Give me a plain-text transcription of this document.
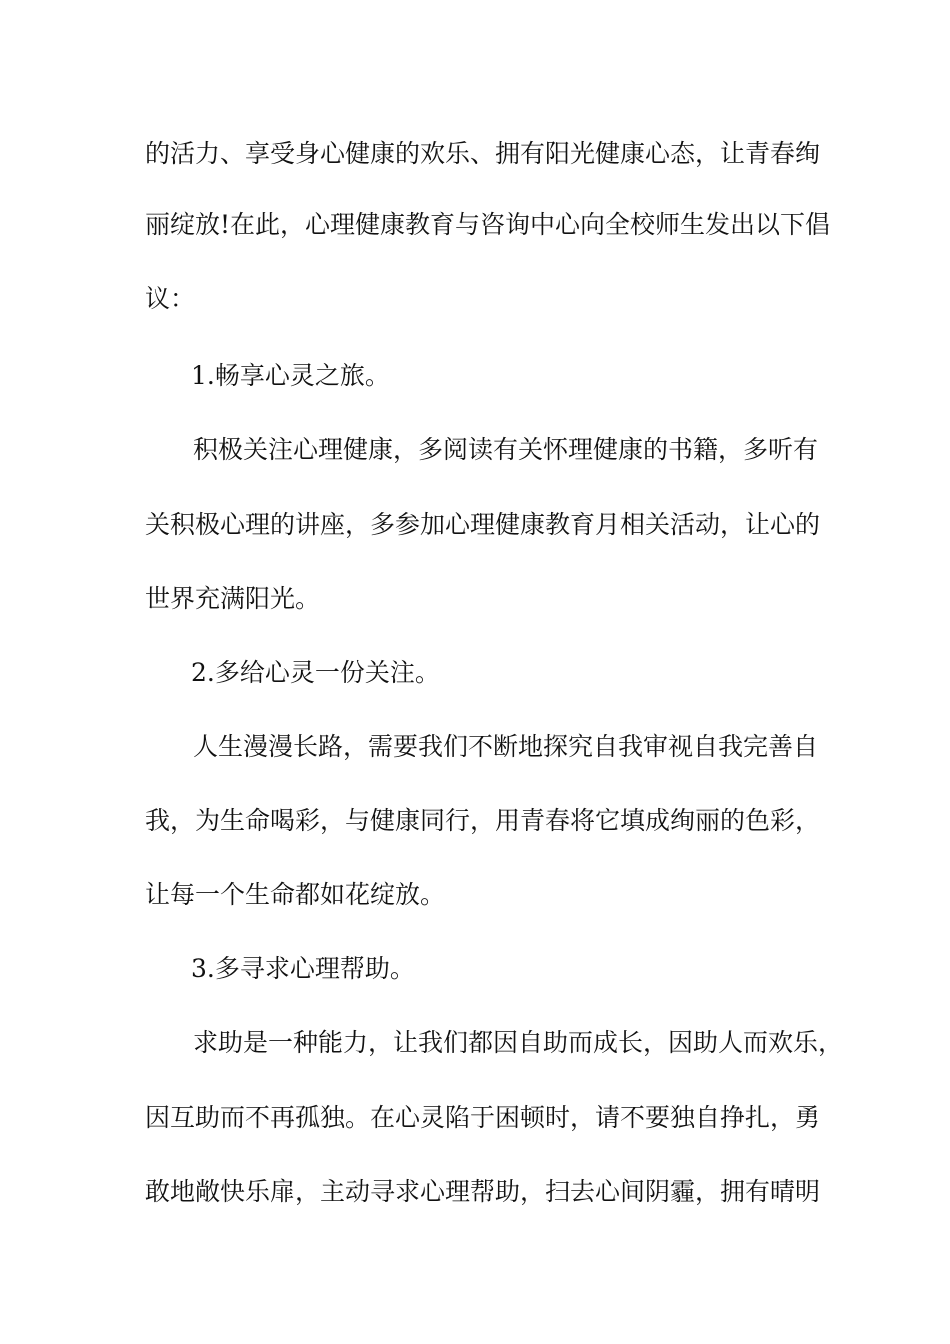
的活力、享受身心健康的欢乐、拥有阳光健康心态，让青春绚
丽绽放!在此，心理健康教育与咨询中心向全校师生发出以下倡
议：
1.畅享心灵之旅。
积极关注心理健康，多阅读有关怀理健康的书籍，多听有
关积极心理的讲座，多参加心理健康教育月相关活动，让心的
世界充满阳光。
2.多给心灵一份关注。
人生漫漫长路，需要我们不断地探究自我审视自我完善自
我，为生命喝彩，与健康同行，用青春将它填成绚丽的色彩，
让每一个生命都如花绽放。
3.多寻求心理帮助。
求助是一种能力，让我们都因自助而成长，因助人而欢乐，
因互助而不再孤独。在心灵陷于困顿时，请不要独自挣扎，勇
敢地敞快乐扉，主动寻求心理帮助，扫去心间阴霾，拥有晴明
